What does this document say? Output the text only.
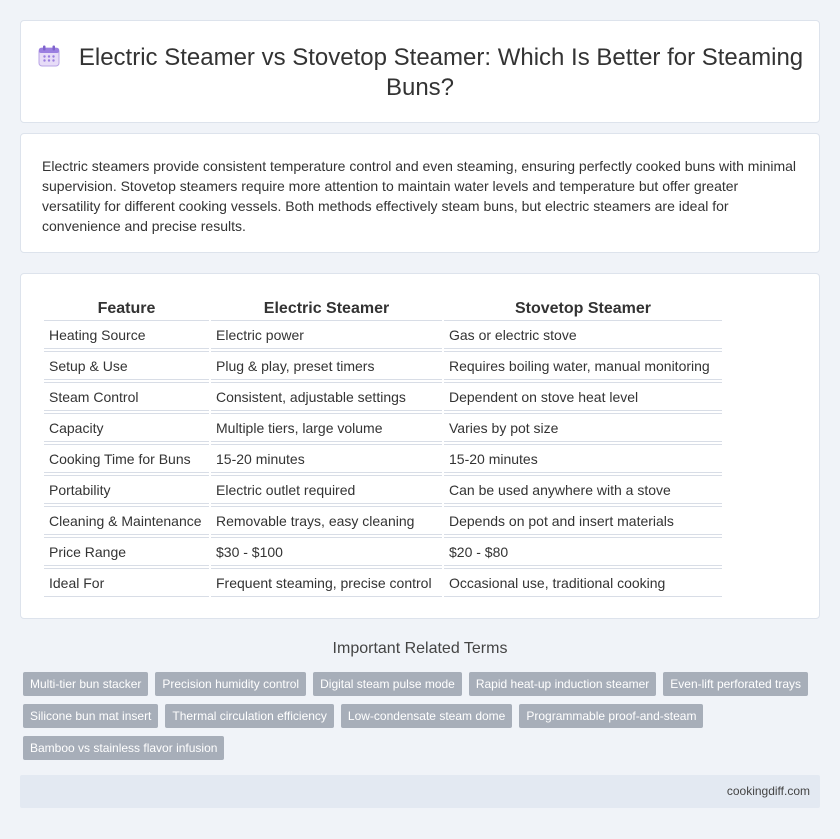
Electric Steamer vs Stovetop Steamer: Which Is Better for Steaming Buns?

Electric steamers provide consistent temperature control and even steaming, ensuring perfectly cooked buns with minimal supervision. Stovetop steamers require more attention to maintain water levels and temperature but offer greater versatility for different cooking vessels. Both methods effectively steam buns, but electric steamers are ideal for convenience and precise results.

Feature	Electric Steamer	Stovetop Steamer
Heating Source	Electric power	Gas or electric stove
Setup & Use	Plug & play, preset timers	Requires boiling water, manual monitoring
Steam Control	Consistent, adjustable settings	Dependent on stove heat level
Capacity	Multiple tiers, large volume	Varies by pot size
Cooking Time for Buns	15-20 minutes	15-20 minutes
Portability	Electric outlet required	Can be used anywhere with a stove
Cleaning & Maintenance	Removable trays, easy cleaning	Depends on pot and insert materials
Price Range	$30 - $100	$20 - $80
Ideal For	Frequent steaming, precise control	Occasional use, traditional cooking
Important Related Terms
Multi-tier bun stacker	Precision humidity control	Digital steam pulse mode	Rapid heat-up induction steamer	Even-lift perforated trays
Silicone bun mat insert	Thermal circulation efficiency	Low-condensate steam dome	Programmable proof-and-steam
Bamboo vs stainless flavor infusion
cookingdiff.com
